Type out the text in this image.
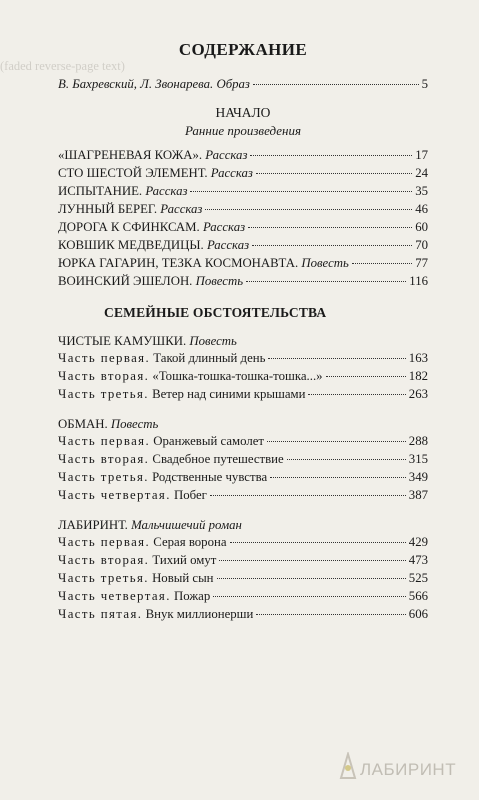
(faded reverse-page text)
СОДЕРЖАНИЕ
В. Бахревский, Л. Звонарева. Образ	5
НАЧАЛО
Ранние произведения
«ШАГРЕНЕВАЯ КОЖА». Рассказ	17
СТО ШЕСТОЙ ЭЛЕМЕНТ. Рассказ	24
ИСПЫТАНИЕ. Рассказ	35
ЛУННЫЙ БЕРЕГ. Рассказ	46
ДОРОГА К СФИНКСАМ. Рассказ	60
КОВШИК МЕДВЕДИЦЫ. Рассказ	70
ЮРКА ГАГАРИН, ТЕЗКА КОСМОНАВТА. Повесть	77
ВОИНСКИЙ ЭШЕЛОН. Повесть	116
СЕМЕЙНЫЕ ОБСТОЯТЕЛЬСТВА
ЧИСТЫЕ КАМУШКИ. Повесть
Часть первая. Такой длинный день	163
Часть вторая. «Тошка-тошка-тошка-тошка...»	182
Часть третья. Ветер над синими крышами	263
ОБМАН. Повесть
Часть первая. Оранжевый самолет	288
Часть вторая. Свадебное путешествие	315
Часть третья. Родственные чувства	349
Часть четвертая. Побег	387
ЛАБИРИНТ. Мальчишечий роман
Часть первая. Серая ворона	429
Часть вторая. Тихий омут	473
Часть третья. Новый сын	525
Часть четвертая. Пожар	566
Часть пятая. Внук миллионерши	606
ЛАБИРИНТ
